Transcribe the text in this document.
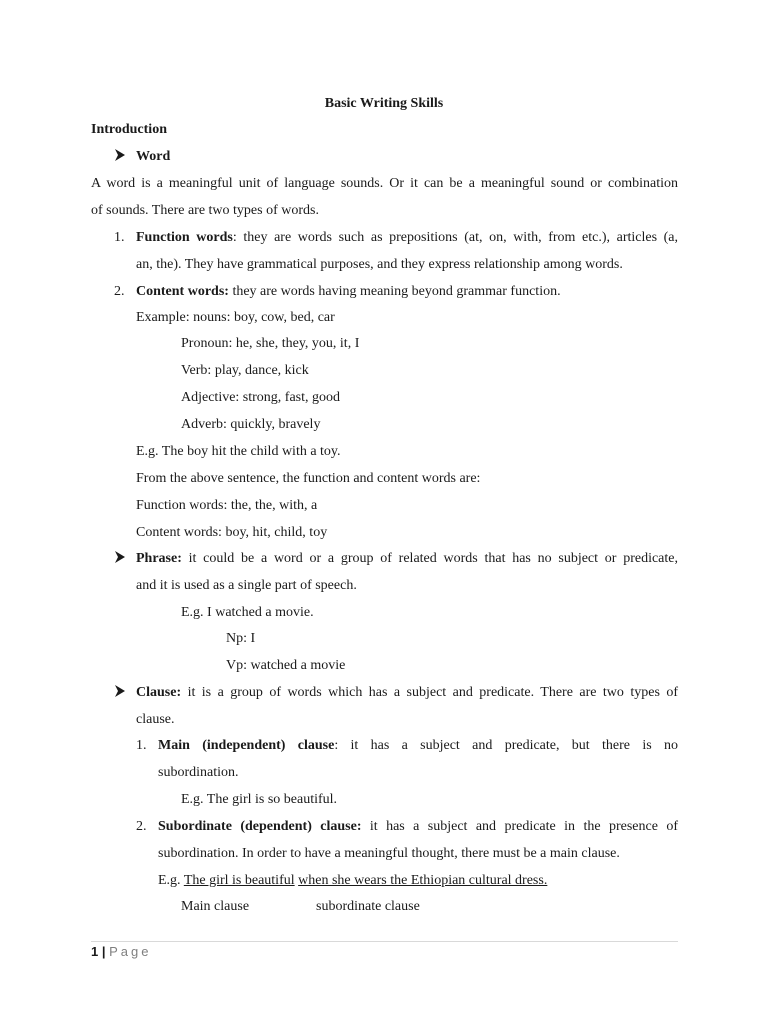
Basic Writing Skills
Introduction
Word
A word is a meaningful unit of language sounds. Or it can be a meaningful sound or combination
of sounds. There are two types of words.
1. Function words: they are words such as prepositions (at, on, with, from etc.), articles (a,
an, the). They have grammatical purposes, and they express relationship among words.
2. Content words: they are words having meaning beyond grammar function.
Example: nouns: boy, cow, bed, car
Pronoun: he, she, they, you, it, I
Verb: play, dance, kick
Adjective: strong, fast, good
Adverb: quickly, bravely
E.g. The boy hit the child with a toy.
From the above sentence, the function and content words are:
Function words: the, the, with, a
Content words: boy, hit, child, toy
Phrase: it could be a word or a group of related words that has no subject or predicate,
and it is used as a single part of speech.
E.g. I watched a movie.
Np: I
Vp: watched a movie
Clause: it is a group of words which has a subject and predicate. There are two types of
clause.
1. Main (independent) clause: it has a subject and predicate, but there is no
subordination.
E.g. The girl is so beautiful.
2. Subordinate (dependent) clause: it has a subject and predicate in the presence of
subordination. In order to have a meaningful thought, there must be a main clause.
E.g. The girl is beautiful when she wears the Ethiopian cultural dress.
Main clause	subordinate clause
1 | Page
